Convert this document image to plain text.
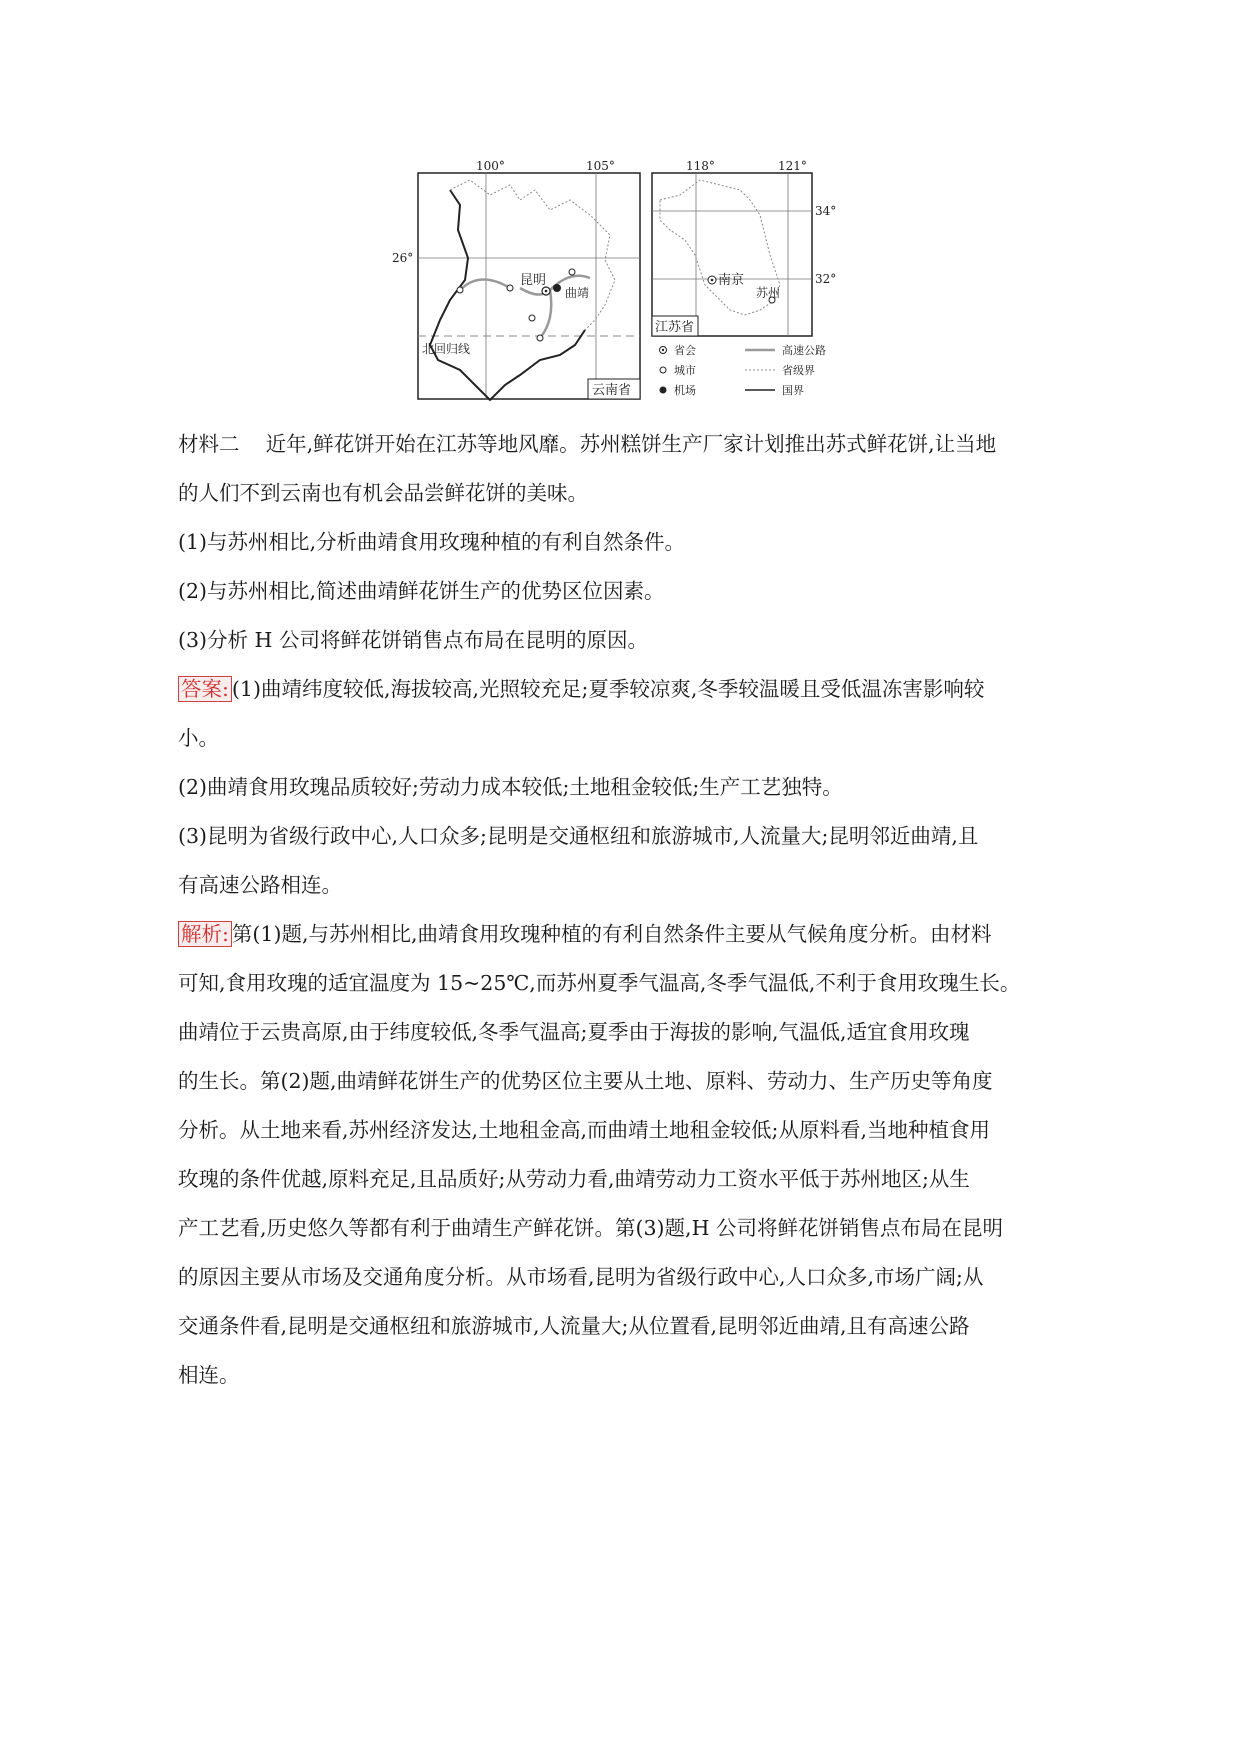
100°	105°
26°
昆明
曲靖
北回归线
云南省
118°	121°
34°
32°
南京
苏州
江苏省
省会
城市
机场
高速公路
省级界
国界

材料二 近年,鲜花饼开始在江苏等地风靡。苏州糕饼生产厂家计划推出苏式鲜花饼,让当地

的人们不到云南也有机会品尝鲜花饼的美味。

(1)与苏州相比,分析曲靖食用玫瑰种植的有利自然条件。

(2)与苏州相比,简述曲靖鲜花饼生产的优势区位因素。

(3)分析 H 公司将鲜花饼销售点布局在昆明的原因。

答案: (1)曲靖纬度较低,海拔较高,光照较充足;夏季较凉爽,冬季较温暖且受低温冻害影响较

小。

(2)曲靖食用玫瑰品质较好;劳动力成本较低;土地租金较低;生产工艺独特。

(3)昆明为省级行政中心,人口众多;昆明是交通枢纽和旅游城市,人流量大;昆明邻近曲靖,且

有高速公路相连。

解析: 第(1)题,与苏州相比,曲靖食用玫瑰种植的有利自然条件主要从气候角度分析。由材料

可知,食用玫瑰的适宜温度为 15~25℃,而苏州夏季气温高,冬季气温低,不利于食用玫瑰生长。

曲靖位于云贵高原,由于纬度较低,冬季气温高;夏季由于海拔的影响,气温低,适宜食用玫瑰

的生长。第(2)题,曲靖鲜花饼生产的优势区位主要从土地、原料、劳动力、生产历史等角度

分析。从土地来看,苏州经济发达,土地租金高,而曲靖土地租金较低;从原料看,当地种植食用

玫瑰的条件优越,原料充足,且品质好;从劳动力看,曲靖劳动力工资水平低于苏州地区;从生

产工艺看,历史悠久等都有利于曲靖生产鲜花饼。第(3)题,H 公司将鲜花饼销售点布局在昆明

的原因主要从市场及交通角度分析。从市场看,昆明为省级行政中心,人口众多,市场广阔;从

交通条件看,昆明是交通枢纽和旅游城市,人流量大;从位置看,昆明邻近曲靖,且有高速公路

相连。
